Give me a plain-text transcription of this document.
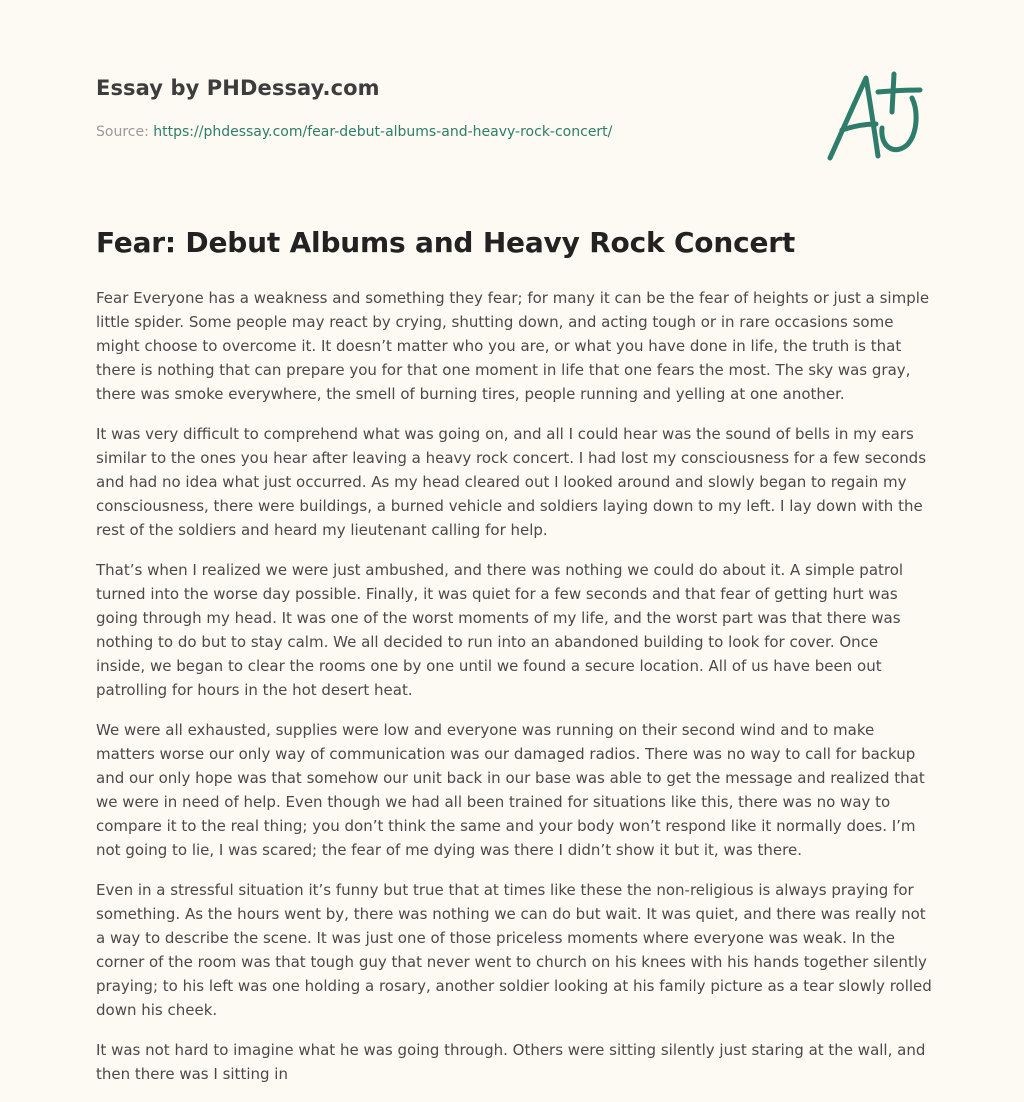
Essay by PHDessay.com

Source: https://phdessay.com/fear-debut-albums-and-heavy-rock-concert/

Fear: Debut Albums and Heavy Rock Concert

Fear Everyone has a weakness and something they fear; for many it can be the fear of heights or just a simple little spider. Some people may react by crying, shutting down, and acting tough or in rare occasions some might choose to overcome it. It doesn’t matter who you are, or what you have done in life, the truth is that there is nothing that can prepare you for that one moment in life that one fears the most. The sky was gray, there was smoke everywhere, the smell of burning tires, people running and yelling at one another.

It was very difficult to comprehend what was going on, and all I could hear was the sound of bells in my ears similar to the ones you hear after leaving a heavy rock concert. I had lost my consciousness for a few seconds and had no idea what just occurred. As my head cleared out I looked around and slowly began to regain my consciousness, there were buildings, a burned vehicle and soldiers laying down to my left. I lay down with the rest of the soldiers and heard my lieutenant calling for help.

That’s when I realized we were just ambushed, and there was nothing we could do about it. A simple patrol turned into the worse day possible. Finally, it was quiet for a few seconds and that fear of getting hurt was going through my head. It was one of the worst moments of my life, and the worst part was that there was nothing to do but to stay calm. We all decided to run into an abandoned building to look for cover. Once inside, we began to clear the rooms one by one until we found a secure location. All of us have been out patrolling for hours in the hot desert heat.

We were all exhausted, supplies were low and everyone was running on their second wind and to make matters worse our only way of communication was our damaged radios. There was no way to call for backup and our only hope was that somehow our unit back in our base was able to get the message and realized that we were in need of help. Even though we had all been trained for situations like this, there was no way to compare it to the real thing; you don’t think the same and your body won’t respond like it normally does. I’m not going to lie, I was scared; the fear of me dying was there I didn’t show it but it, was there.

Even in a stressful situation it’s funny but true that at times like these the non-religious is always praying for something. As the hours went by, there was nothing we can do but wait. It was quiet, and there was really not a way to describe the scene. It was just one of those priceless moments where everyone was weak. In the corner of the room was that tough guy that never went to church on his knees with his hands together silently praying; to his left was one holding a rosary, another soldier looking at his family picture as a tear slowly rolled down his cheek.

It was not hard to imagine what he was going through. Others were sitting silently just staring at the wall, and then there was I sitting in
